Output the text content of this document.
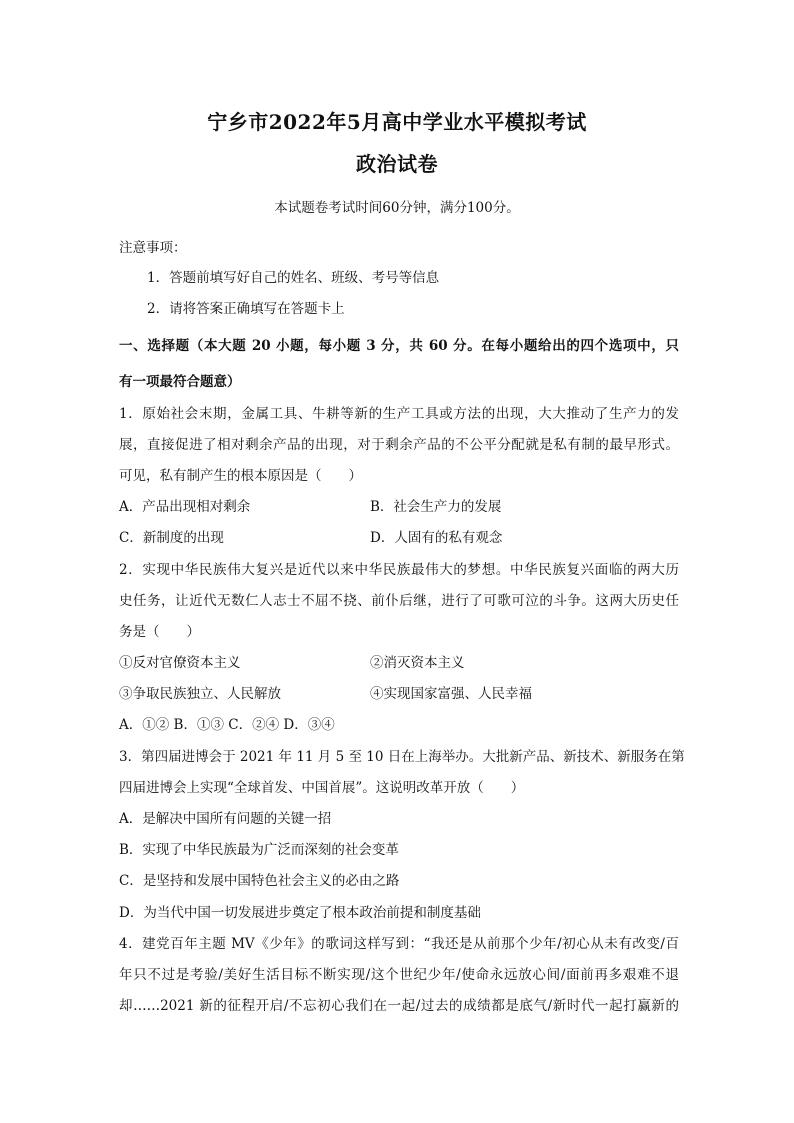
宁乡市2022年5月高中学业水平模拟考试
政治试卷
本试题卷考试时间60分钟，满分100分。
注意事项：
1．答题前填写好自己的姓名、班级、考号等信息
2．请将答案正确填写在答题卡上
一、选择题（本大题 20 小题，每小题 3 分，共 60 分。在每小题给出的四个选项中，只
有一项最符合题意）
1．原始社会末期，金属工具、牛耕等新的生产工具或方法的出现，大大推动了生产力的发
展，直接促进了相对剩余产品的出现，对于剩余产品的不公平分配就是私有制的最早形式。
可见，私有制产生的根本原因是（　　）
A．产品出现相对剩余	B．社会生产力的发展
C．新制度的出现	D．人固有的私有观念
2．实现中华民族伟大复兴是近代以来中华民族最伟大的梦想。中华民族复兴面临的两大历
史任务，让近代无数仁人志士不屈不挠、前仆后继，进行了可歌可泣的斗争。这两大历史任
务是（　　）
①反对官僚资本主义	②消灭资本主义
③争取民族独立、人民解放	④实现国家富强、人民幸福
A．①② B．①③ C．②④ D．③④
3．第四届进博会于 2021 年 11 月 5 至 10 日在上海举办。大批新产品、新技术、新服务在第
四届进博会上实现“全球首发、中国首展”。这说明改革开放（　　）
A．是解决中国所有问题的关键一招
B．实现了中华民族最为广泛而深刻的社会变革
C．是坚持和发展中国特色社会主义的必由之路
D．为当代中国一切发展进步奠定了根本政治前提和制度基础
4．建党百年主题 MV《少年》的歌词这样写到：“我还是从前那个少年/初心从未有改变/百
年只不过是考验/美好生活目标不断实现/这个世纪少年/使命永远放心间/面前再多艰难不退
却……2021 新的征程开启/不忘初心我们在一起/过去的成绩都是底气/新时代一起打赢新的
